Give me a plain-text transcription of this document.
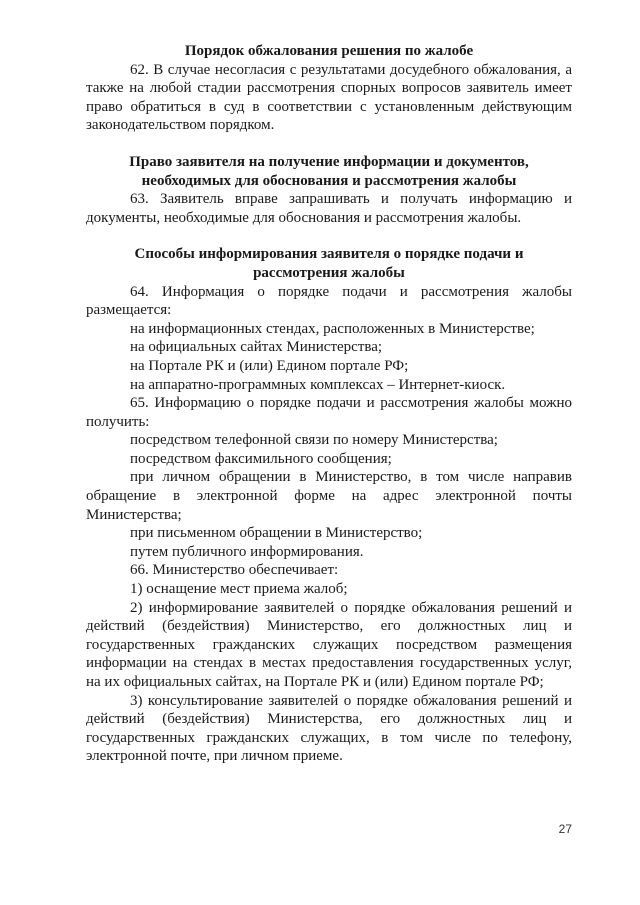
Порядок обжалования решения по жалобе

62. В случае несогласия с результатами досудебного обжалования, а также на любой стадии рассмотрения спорных вопросов заявитель имеет право обратиться в суд в соответствии с установленным действующим законодательством порядком.

Право заявителя на получение информации и документов, необходимых для обоснования и рассмотрения жалобы

63. Заявитель вправе запрашивать и получать информацию и документы, необходимые для обоснования и рассмотрения жалобы.

Способы информирования заявителя о порядке подачи и рассмотрения жалобы

64. Информация о порядке подачи и рассмотрения жалобы размещается:

на информационных стендах, расположенных в Министерстве;

на официальных сайтах Министерства;

на Портале РК и (или) Едином портале РФ;

на аппаратно-программных комплексах – Интернет-киоск.

65. Информацию о порядке подачи и рассмотрения жалобы можно получить:

посредством телефонной связи по номеру Министерства;

посредством факсимильного сообщения;

при личном обращении в Министерство, в том числе направив обращение в электронной форме на адрес электронной почты Министерства;

при письменном обращении в Министерство;

путем публичного информирования.

66. Министерство обеспечивает:

1) оснащение мест приема жалоб;

2) информирование заявителей о порядке обжалования решений и действий (бездействия) Министерство, его должностных лиц и государственных гражданских служащих посредством размещения информации на стендах в местах предоставления государственных услуг, на их официальных сайтах, на Портале РК и (или) Едином портале РФ;

3) консультирование заявителей о порядке обжалования решений и действий (бездействия) Министерства, его должностных лиц и государственных гражданских служащих, в том числе по телефону, электронной почте, при личном приеме.

27
